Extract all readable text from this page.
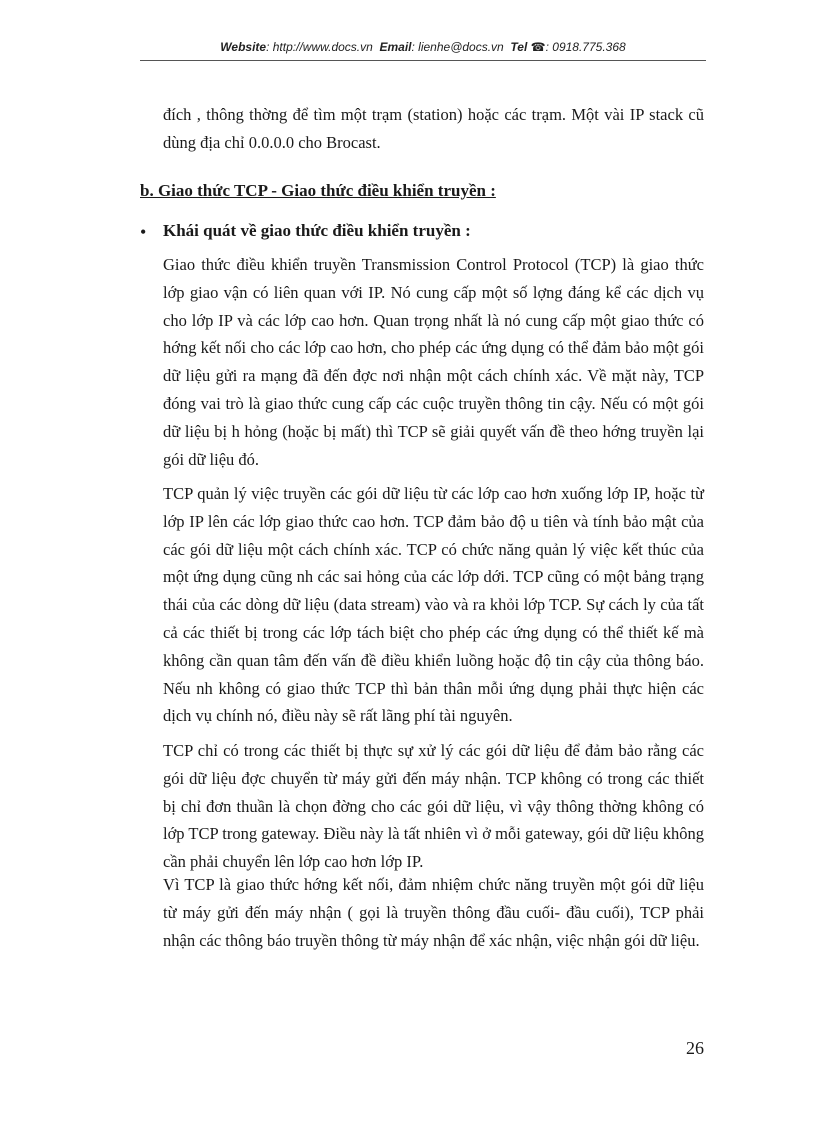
Website: http://www.docs.vn Email: lienhe@docs.vn Tel ☎: 0918.775.368

đích , thông thờng để tìm một trạm (station) hoặc các trạm. Một vài IP stack cũ dùng địa chỉ 0.0.0.0 cho Brocast.

b. Giao thức TCP - Giao thức điều khiển truyền :
• Khái quát về giao thức điều khiển truyền :

Giao thức điều khiển truyền Transmission Control Protocol (TCP) là giao thức lớp giao vận có liên quan với IP. Nó cung cấp một số lợng đáng kể các dịch vụ cho lớp IP và các lớp cao hơn. Quan trọng nhất là nó cung cấp một giao thức có hớng kết nối cho các lớp cao hơn, cho phép các ứng dụng có thể đảm bảo một gói dữ liệu gửi ra mạng đã đến đợc nơi nhận một cách chính xác. Về mặt này, TCP đóng vai trò là giao thức cung cấp các cuộc truyền thông tin cậy. Nếu có một gói dữ liệu bị h hỏng (hoặc bị mất) thì TCP sẽ giải quyết vấn đề theo hớng truyền lại gói dữ liệu đó.

TCP quản lý việc truyền các gói dữ liệu từ các lớp cao hơn xuống lớp IP, hoặc từ lớp IP lên các lớp giao thức cao hơn. TCP đảm bảo độ u tiên và tính bảo mật của các gói dữ liệu một cách chính xác. TCP có chức năng quản lý việc kết thúc của một ứng dụng cũng nh các sai hỏng của các lớp dới. TCP cũng có một bảng trạng thái của các dòng dữ liệu (data stream) vào và ra khỏi lớp TCP. Sự cách ly của tất cả các thiết bị trong các lớp tách biệt cho phép các ứng dụng có thể thiết kế mà không cần quan tâm đến vấn đề điều khiển luồng hoặc độ tin cậy của thông báo. Nếu nh không có giao thức TCP thì bản thân mỗi ứng dụng phải thực hiện các dịch vụ chính nó, điều này sẽ rất lãng phí tài nguyên.

TCP chỉ có trong các thiết bị thực sự xử lý các gói dữ liệu để đảm bảo rằng các gói dữ liệu đợc chuyển từ máy gửi đến máy nhận. TCP không có trong các thiết bị chỉ đơn thuần là chọn đờng cho các gói dữ liệu, vì vậy thông thờng không có lớp TCP trong gateway. Điều này là tất nhiên vì ở mỗi gateway, gói dữ liệu không cần phải chuyển lên lớp cao hơn lớp IP.

Vì TCP là giao thức hớng kết nối, đảm nhiệm chức năng truyền một gói dữ liệu từ máy gửi đến máy nhận ( gọi là truyền thông đầu cuối- đầu cuối), TCP phải nhận các thông báo truyền thông từ máy nhận để xác nhận, việc nhận gói dữ liệu.

26
